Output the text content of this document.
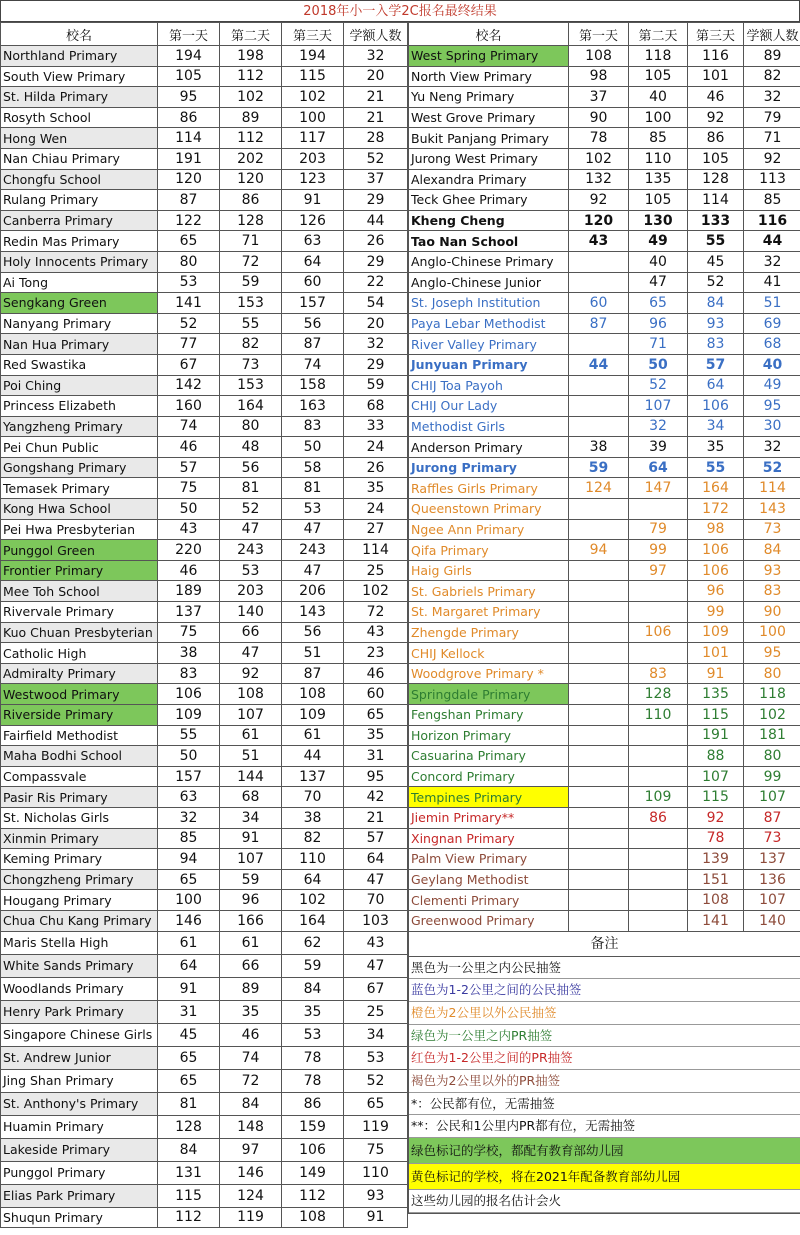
2018年小一入学2C报名最终结果
校名	第一天	第二天	第三天	学额人数
Northland Primary	194	198	194	32
South View Primary	105	112	115	20
St. Hilda Primary	95	102	102	21
Rosyth School	86	89	100	21
Hong Wen	114	112	117	28
Nan Chiau Primary	191	202	203	52
Chongfu School	120	120	123	37
Rulang Primary	87	86	91	29
Canberra Primary	122	128	126	44
Redin Mas Primary	65	71	63	26
Holy Innocents Primary	80	72	64	29
Ai Tong	53	59	60	22
Sengkang Green	141	153	157	54
Nanyang Primary	52	55	56	20
Nan Hua Primary	77	82	87	32
Red Swastika	67	73	74	29
Poi Ching	142	153	158	59
Princess Elizabeth	160	164	163	68
Yangzheng Primary	74	80	83	33
Pei Chun Public	46	48	50	24
Gongshang Primary	57	56	58	26
Temasek Primary	75	81	81	35
Kong Hwa School	50	52	53	24
Pei Hwa Presbyterian	43	47	47	27
Punggol Green	220	243	243	114
Frontier Primary	46	53	47	25
Mee Toh School	189	203	206	102
Rivervale Primary	137	140	143	72
Kuo Chuan Presbyterian	75	66	56	43
Catholic High	38	47	51	23
Admiralty Primary	83	92	87	46
Westwood Primary	106	108	108	60
Riverside Primary	109	107	109	65
Fairfield Methodist	55	61	61	35
Maha Bodhi School	50	51	44	31
Compassvale	157	144	137	95
Pasir Ris Primary	63	68	70	42
St. Nicholas Girls	32	34	38	21
Xinmin Primary	85	91	82	57
Keming Primary	94	107	110	64
Chongzheng Primary	65	59	64	47
Hougang Primary	100	96	102	70
Chua Chu Kang Primary	146	166	164	103
Maris Stella High	61	61	62	43
White Sands Primary	64	66	59	47
Woodlands Primary	91	89	84	67
Henry Park Primary	31	35	35	25
Singapore Chinese Girls	45	46	53	34
St. Andrew Junior	65	74	78	53
Jing Shan Primary	65	72	78	52
St. Anthony's Primary	81	84	86	65
Huamin Primary	128	148	159	119
Lakeside Primary	84	97	106	75
Punggol Primary	131	146	149	110
Elias Park Primary	115	124	112	93
Shuqun Primary	112	119	108	91
校名	第一天	第二天	第三天	学额人数
West Spring Primary	108	118	116	89
North View Primary	98	105	101	82
Yu Neng Primary	37	40	46	32
West Grove Primary	90	100	92	79
Bukit Panjang Primary	78	85	86	71
Jurong West Primary	102	110	105	92
Alexandra Primary	132	135	128	113
Teck Ghee Primary	92	105	114	85
Kheng Cheng	120	130	133	116
Tao Nan School	43	49	55	44
Anglo-Chinese Primary		40	45	32
Anglo-Chinese Junior		47	52	41
St. Joseph Institution	60	65	84	51
Paya Lebar Methodist	87	96	93	69
River Valley Primary		71	83	68
Junyuan Primary	44	50	57	40
CHIJ Toa Payoh		52	64	49
CHIJ Our Lady		107	106	95
Methodist Girls		32	34	30
Anderson Primary	38	39	35	32
Jurong Primary	59	64	55	52
Raffles Girls Primary	124	147	164	114
Queenstown Primary			172	143
Ngee Ann Primary		79	98	73
Qifa Primary	94	99	106	84
Haig Girls		97	106	93
St. Gabriels Primary			96	83
St. Margaret Primary			99	90
Zhengde Primary		106	109	100
CHIJ Kellock			101	95
Woodgrove Primary *		83	91	80
Springdale Primary		128	135	118
Fengshan Primary		110	115	102
Horizon Primary			191	181
Casuarina Primary			88	80
Concord Primary			107	99
Tempines Primary		109	115	107
Jiemin Primary**		86	92	87
Xingnan Primary			78	73
Palm View Primary			139	137
Geylang Methodist			151	136
Clementi Primary			108	107
Greenwood Primary			141	140
备注
黑色为一公里之内公民抽签
蓝色为1-2公里之间的公民抽签
橙色为2公里以外公民抽签
绿色为一公里之内PR抽签
红色为1-2公里之间的PR抽签
褐色为2公里以外的PR抽签
*：公民都有位，无需抽签
**：公民和1公里内PR都有位，无需抽签
绿色标记的学校，都配有教育部幼儿园
黄色标记的学校，将在2021年配备教育部幼儿园
这些幼儿园的报名估计会火
